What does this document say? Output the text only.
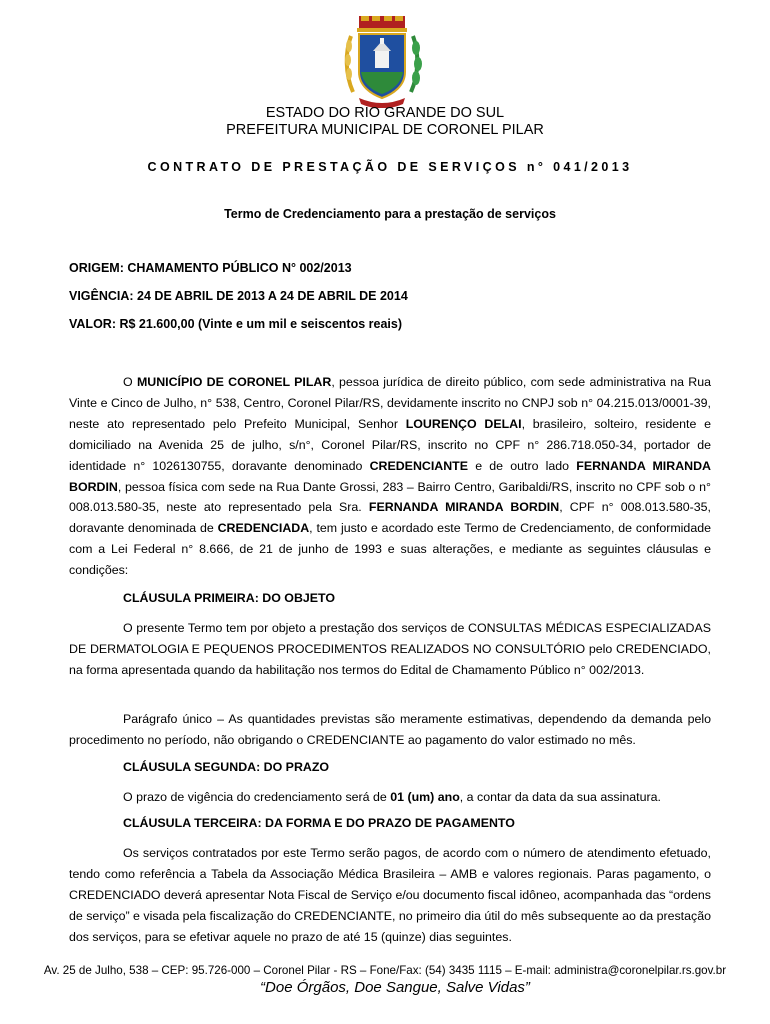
ESTADO DO RIO GRANDE DO SUL
PREFEITURA MUNICIPAL DE CORONEL PILAR
CONTRATO DE PRESTAÇÃO DE SERVIÇOS n° 041/2013
Termo de Credenciamento para a prestação de serviços
ORIGEM: CHAMAMENTO PÚBLICO N° 002/2013
VIGÊNCIA: 24 DE ABRIL DE 2013 A 24 DE ABRIL DE 2014
VALOR: R$ 21.600,00 (Vinte e um mil e seiscentos reais)

O MUNICÍPIO DE CORONEL PILAR, pessoa jurídica de direito público, com sede administrativa na Rua Vinte e Cinco de Julho, n° 538, Centro, Coronel Pilar/RS, devidamente inscrito no CNPJ sob n° 04.215.013/0001-39, neste ato representado pelo Prefeito Municipal, Senhor LOURENÇO DELAI, brasileiro, solteiro, residente e domiciliado na Avenida 25 de julho, s/n°, Coronel Pilar/RS, inscrito no CPF n° 286.718.050-34, portador de identidade n° 1026130755, doravante denominado CREDENCIANTE e de outro lado FERNANDA MIRANDA BORDIN, pessoa física com sede na Rua Dante Grossi, 283 – Bairro Centro, Garibaldi/RS, inscrito no CPF sob o n° 008.013.580-35, neste ato representado pela Sra. FERNANDA MIRANDA BORDIN, CPF n° 008.013.580-35, doravante denominada de CREDENCIADA, tem justo e acordado este Termo de Credenciamento, de conformidade com a Lei Federal n° 8.666, de 21 de junho de 1993 e suas alterações, e mediante as seguintes cláusulas e condições:

CLÁUSULA PRIMEIRA: DO OBJETO

O presente Termo tem por objeto a prestação dos serviços de CONSULTAS MÉDICAS ESPECIALIZADAS DE DERMATOLOGIA E PEQUENOS PROCEDIMENTOS REALIZADOS NO CONSULTÓRIO pelo CREDENCIADO, na forma apresentada quando da habilitação nos termos do Edital de Chamamento Público n° 002/2013.

Parágrafo único – As quantidades previstas são meramente estimativas, dependendo da demanda pelo procedimento no período, não obrigando o CREDENCIANTE ao pagamento do valor estimado no mês.

CLÁUSULA SEGUNDA: DO PRAZO

O prazo de vigência do credenciamento será de 01 (um) ano, a contar da data da sua assinatura.

CLÁUSULA TERCEIRA: DA FORMA E DO PRAZO DE PAGAMENTO

Os serviços contratados por este Termo serão pagos, de acordo com o número de atendimento efetuado, tendo como referência a Tabela da Associação Médica Brasileira – AMB e valores regionais. Paras pagamento, o CREDENCIADO deverá apresentar Nota Fiscal de Serviço e/ou documento fiscal idôneo, acompanhada das “ordens de serviço” e visada pela fiscalização do CREDENCIANTE, no primeiro dia útil do mês subsequente ao da prestação dos serviços, para se efetivar aquele no prazo de até 15 (quinze) dias seguintes.

Av. 25 de Julho, 538 – CEP: 95.726-000 – Coronel Pilar - RS – Fone/Fax: (54) 3435 1115 – E-mail: administra@coronelpilar.rs.gov.br
“Doe Órgãos, Doe Sangue, Salve Vidas”
